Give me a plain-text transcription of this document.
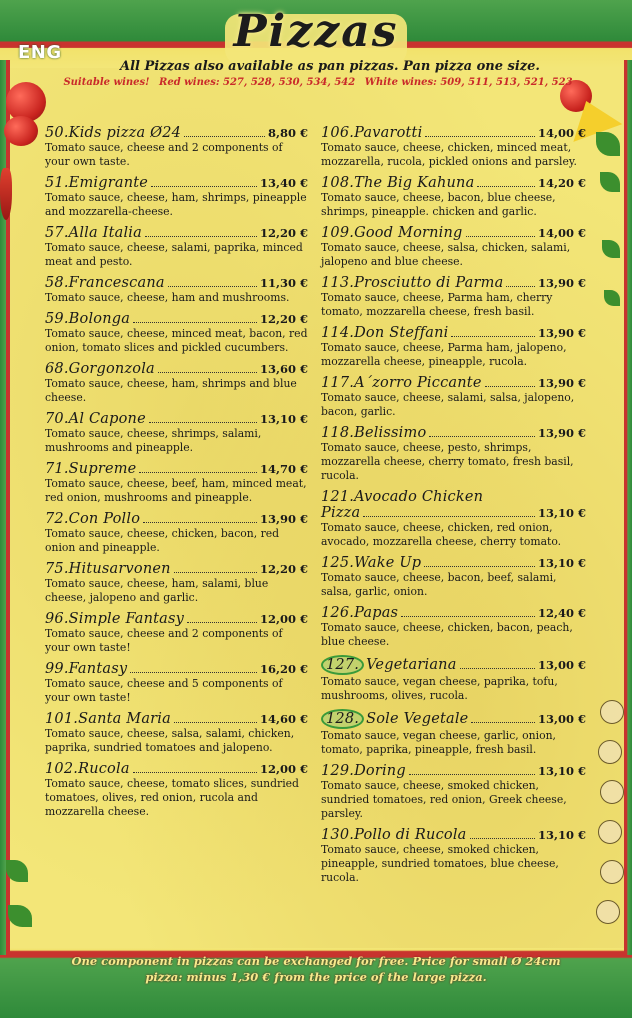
ENG	Pizzas
All Pizzas also available as pan pizzas. Pan pizza one size.
Suitable wines! Red wines: 527, 528, 530, 534, 542 White wines: 509, 511, 513, 521, 523
50.Kids pizza Ø24	8,80 €
Tomato sauce, cheese and 2 components of your own taste.
51.Emigrante	13,40 €
Tomato sauce, cheese, ham, shrimps, pineapple and mozzarella-cheese.
57.Alla Italia	12,20 €
Tomato sauce, cheese, salami, paprika, minced meat and pesto.
58.Francescana	11,30 €
Tomato sauce, cheese, ham and mushrooms.
59.Bolonga	12,20 €
Tomato sauce, cheese, minced meat, bacon, red onion, tomato slices and pickled cucumbers.
68.Gorgonzola	13,60 €
Tomato sauce, cheese, ham, shrimps and blue cheese.
70.Al Capone	13,10 €
Tomato sauce, cheese, shrimps, salami, mushrooms and pineapple.
71.Supreme	14,70 €
Tomato sauce, cheese, beef, ham, minced meat, red onion, mushrooms and pineapple.
72.Con Pollo	13,90 €
Tomato sauce, cheese, chicken, bacon, red onion and pineapple.
75.Hitusarvonen	12,20 €
Tomato sauce, cheese, ham, salami, blue cheese, jalopeno and garlic.
96.Simple Fantasy	12,00 €
Tomato sauce, cheese and 2 components of your own taste!
99.Fantasy	16,20 €
Tomato sauce, cheese and 5 components of your own taste!
101.Santa Maria	14,60 €
Tomato sauce, cheese, salsa, salami, chicken, paprika, sundried tomatoes and jalopeno.
102.Rucola	12,00 €
Tomato sauce, cheese, tomato slices, sundried tomatoes, olives, red onion, rucola and mozzarella cheese.
106.Pavarotti	14,00 €
Tomato sauce, cheese, chicken, minced meat, mozzarella, rucola, pickled onions and parsley.
108.The Big Kahuna	14,20 €
Tomato sauce, cheese, bacon, blue cheese, shrimps, pineapple. chicken and garlic.
109.Good Morning	14,00 €
Tomato sauce, cheese, salsa, chicken, salami, jalopeno and blue cheese.
113.Prosciutto di Parma	13,90 €
Tomato sauce, cheese, Parma ham, cherry tomato, mozzarella cheese, fresh basil.
114.Don Steffani	13,90 €
Tomato sauce, cheese, Parma ham, jalopeno, mozzarella cheese, pineapple, rucola.
117.A´zorro Piccante	13,90 €
Tomato sauce, cheese, salami, salsa, jalopeno, bacon, garlic.
118.Belissimo	13,90 €
Tomato sauce, cheese, pesto, shrimps, mozzarella cheese, cherry tomato, fresh basil, rucola.
121.Avocado Chicken
Pizza	13,10 €
Tomato sauce, cheese, chicken, red onion, avocado, mozzarella cheese, cherry tomato.
125.Wake Up	13,10 €
Tomato sauce, cheese, bacon, beef, salami, salsa, garlic, onion.
126.Papas	12,40 €
Tomato sauce, cheese, chicken, bacon, peach, blue cheese.
127. Vegetariana	13,00 €
Tomato sauce, vegan cheese, paprika, tofu, mushrooms, olives, rucola.
128. Sole Vegetale	13,00 €
Tomato sauce, vegan cheese, garlic, onion, tomato, paprika, pineapple, fresh basil.
129.Doring	13,10 €
Tomato sauce, cheese, smoked chicken, sundried tomatoes, red onion, Greek cheese, parsley.
130.Pollo di Rucola	13,10 €
Tomato sauce, cheese, smoked chicken, pineapple, sundried tomatoes, blue cheese, rucola.
One component in pizzas can be exchanged for free. Price for small Ø 24cm
pizza: minus 1,30 € from the price of the large pizza.
